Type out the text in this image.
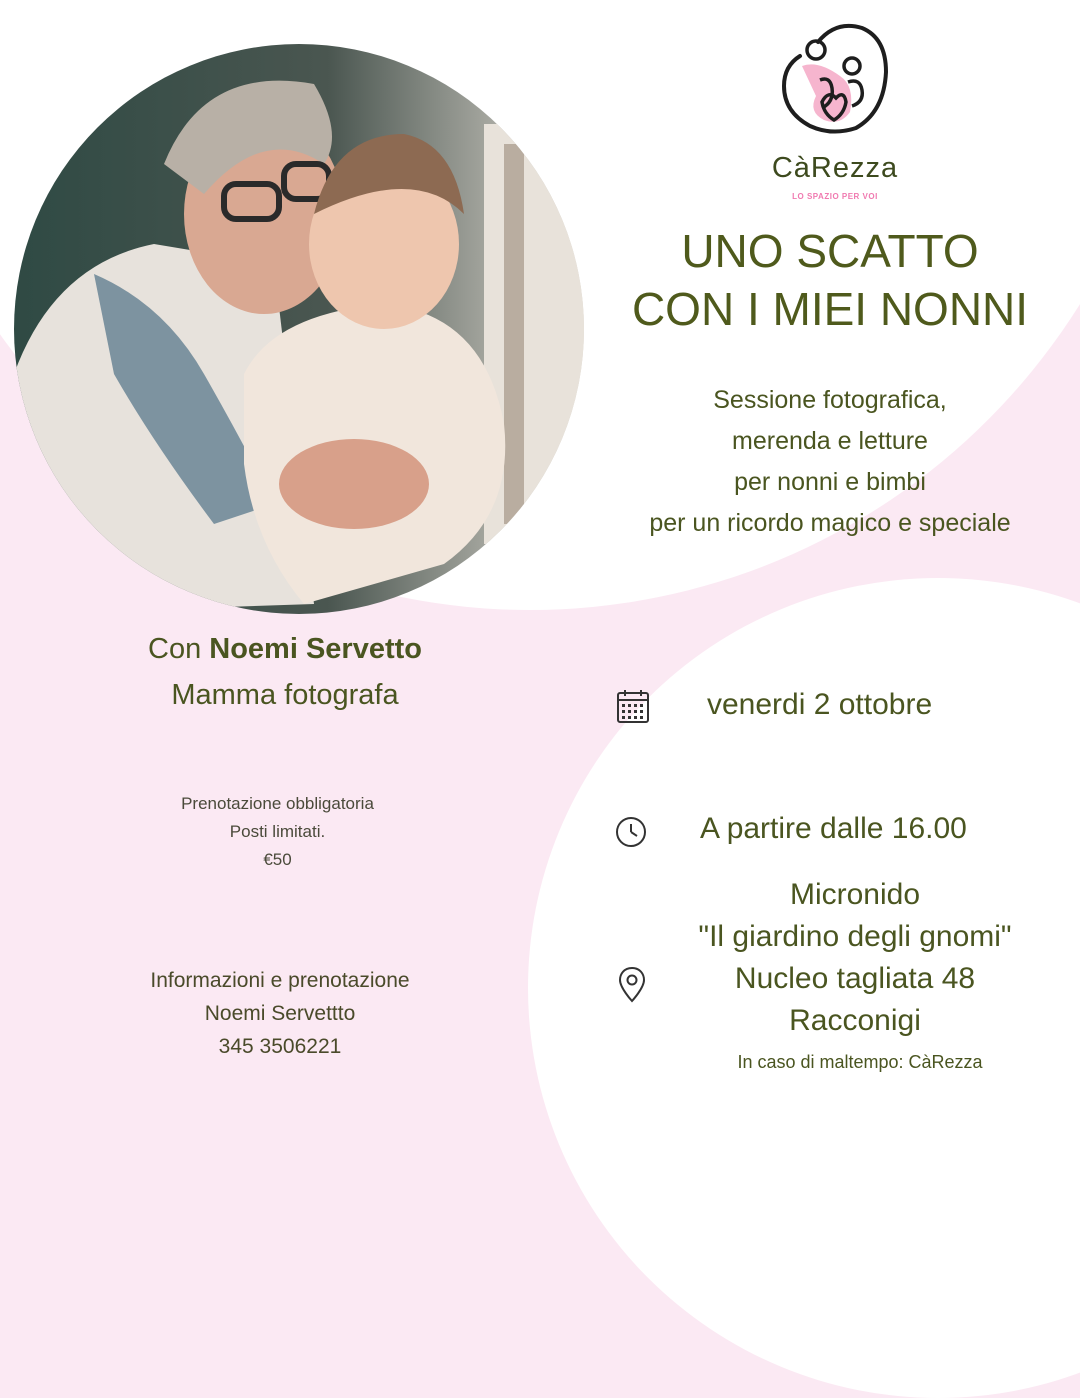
CàRezza
LO SPAZIO PER VOI
UNO SCATTO
CON I MIEI NONNI
Sessione fotografica,
merenda e letture
per nonni e bimbi
per un ricordo magico e speciale
Con Noemi Servetto
Mamma fotografa
Prenotazione obbligatoria
Posti limitati.
€50
Informazioni e prenotazione
Noemi Servettto
345 3506221
venerdi 2 ottobre
A partire dalle 16.00
Micronido
"Il giardino degli gnomi"
Nucleo tagliata 48
Racconigi
In caso di maltempo: CàRezza
